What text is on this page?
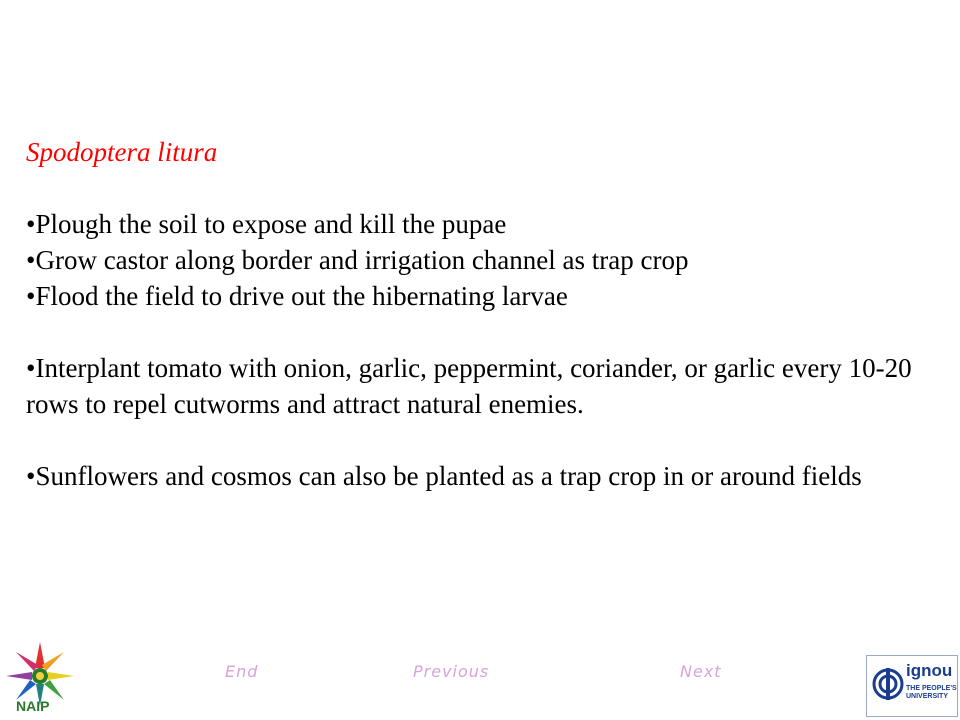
Spodoptera litura

•Plough the soil to expose and kill the pupae

•Grow castor along border and irrigation channel as trap crop

•Flood the field to drive out the hibernating larvae

•Interplant tomato with onion, garlic, peppermint, coriander, or garlic every 10-20 rows to repel cutworms and attract natural enemies.

•Sunflowers and cosmos can also be planted as a trap crop in or around fields

End	Previous	Next
NAIP
ignou
THE PEOPLE'S
UNIVERSITY
